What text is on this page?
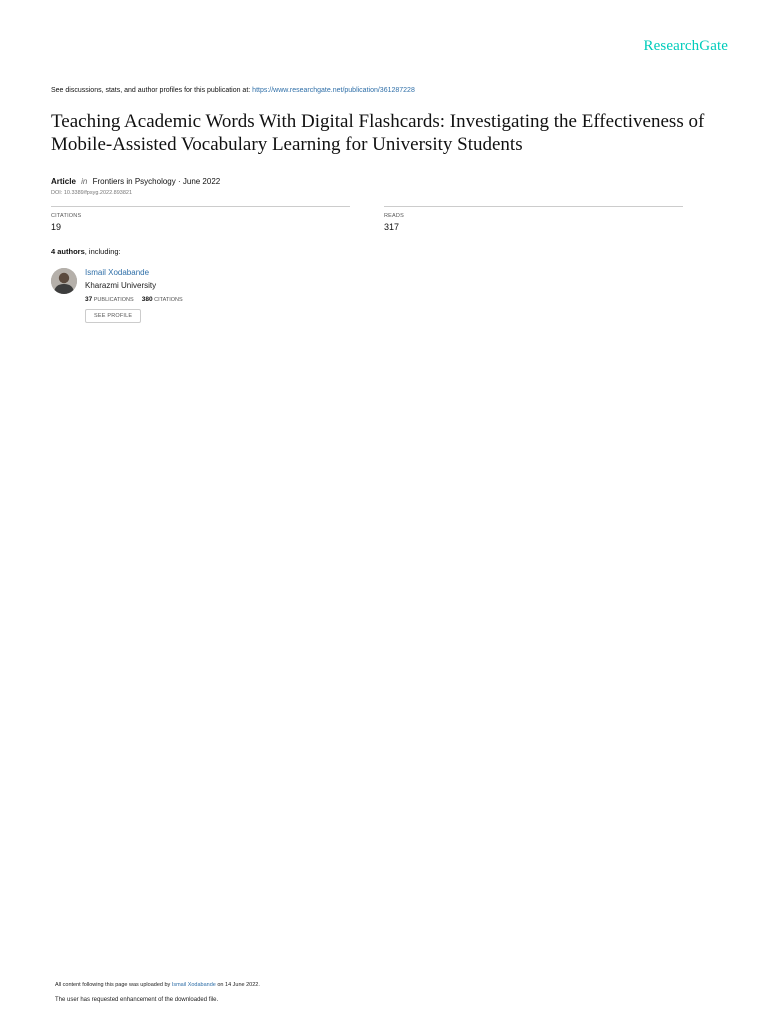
ResearchGate
See discussions, stats, and author profiles for this publication at: https://www.researchgate.net/publication/361287228
Teaching Academic Words With Digital Flashcards: Investigating the Effectiveness of Mobile-Assisted Vocabulary Learning for University Students
Article in Frontiers in Psychology · June 2022
DOI: 10.3389/fpsyg.2022.893821
CITATIONS
19
READS
317
4 authors, including:
Ismail Xodabande
Kharazmi University
37 PUBLICATIONS 380 CITATIONS
SEE PROFILE
All content following this page was uploaded by Ismail Xodabande on 14 June 2022.
The user has requested enhancement of the downloaded file.
